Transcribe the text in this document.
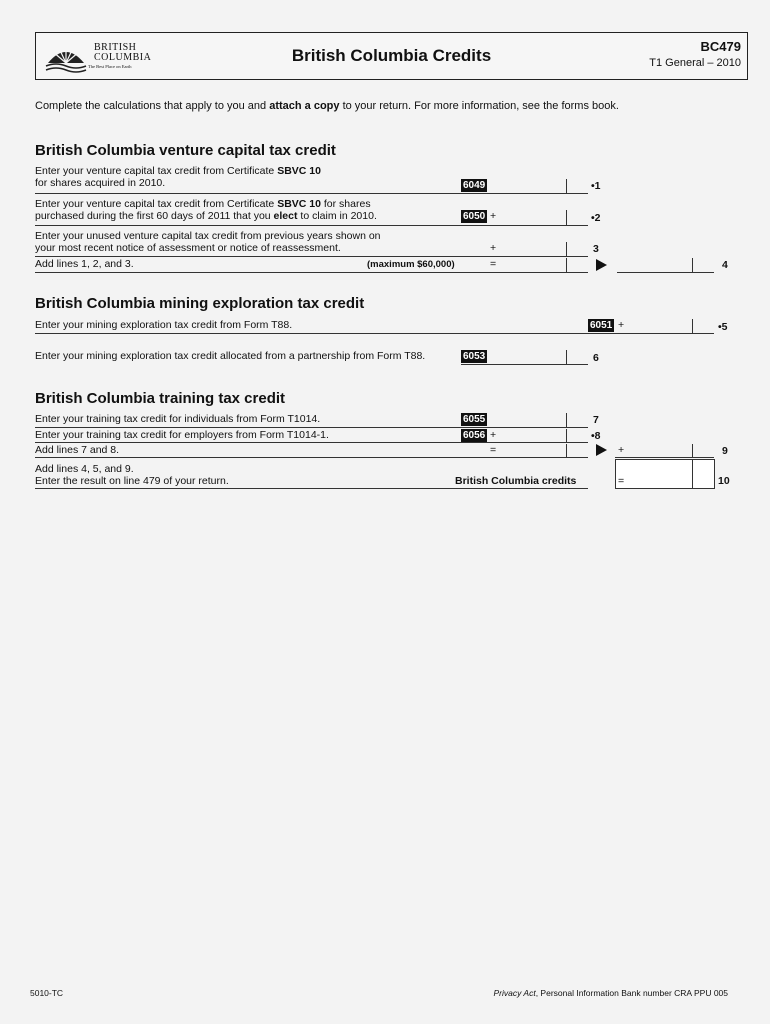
BRITISH
COLUMBIA
The Best Place on Earth
British Columbia Credits	BC479
T1 General – 2010
Complete the calculations that apply to you and attach a copy to your return. For more information, see the forms book.
British Columbia venture capital tax credit
Enter your venture capital tax credit from Certificate SBVC 10
for shares acquired in 2010.	6049	•1
Enter your venture capital tax credit from Certificate SBVC 10 for shares
purchased during the first 60 days of 2011 that you elect to claim in 2010.	6050 +	•2
Enter your unused venture capital tax credit from previous years shown on
your most recent notice of assessment or notice of reassessment.	+	3
Add lines 1, 2, and 3.	(maximum $60,000)	=	4
British Columbia mining exploration tax credit
Enter your mining exploration tax credit from Form T88.	6051 +	•5
Enter your mining exploration tax credit allocated from a partnership from Form T88.	6053	6
British Columbia training tax credit
Enter your training tax credit for individuals from Form T1014.	6055	7
Enter your training tax credit for employers from Form T1014-1.	6056 +	•8
Add lines 7 and 8.	=	+	9
Add lines 4, 5, and 9.
Enter the result on line 479 of your return.	British Columbia credits	=	10
5010-TC	Privacy Act, Personal Information Bank number CRA PPU 005
